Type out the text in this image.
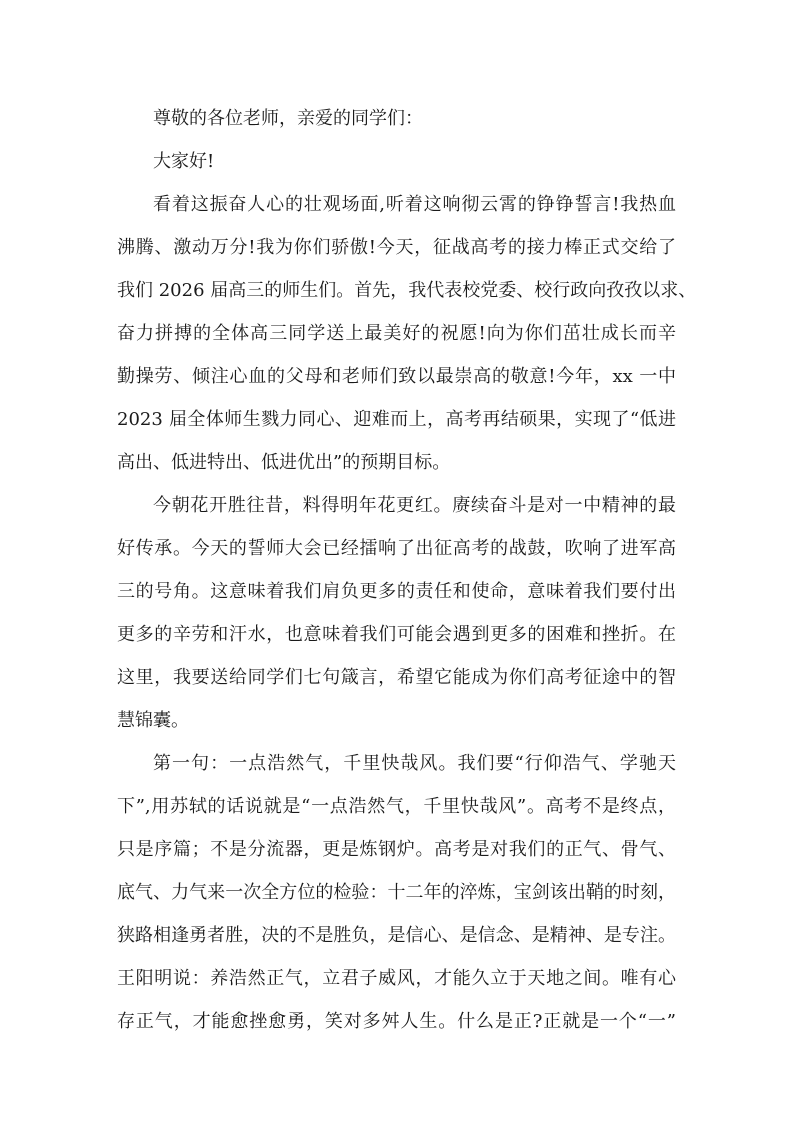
尊敬的各位老师，亲爱的同学们：
大家好!
看着这振奋人心的壮观场面,听着这响彻云霄的铮铮誓言!我热血
沸腾、激动万分!我为你们骄傲!今天，征战高考的接力棒正式交给了
我们 2026 届高三的师生们。首先，我代表校党委、校行政向孜孜以求、
奋力拼搏的全体高三同学送上最美好的祝愿!向为你们茁壮成长而辛
勤操劳、倾注心血的父母和老师们致以最崇高的敬意!今年，xx 一中
2023 届全体师生戮力同心、迎难而上，高考再结硕果，实现了“低进
高出、低进特出、低进优出”的预期目标。
今朝花开胜往昔，料得明年花更红。赓续奋斗是对一中精神的最
好传承。今天的誓师大会已经擂响了出征高考的战鼓，吹响了进军高
三的号角。这意味着我们肩负更多的责任和使命，意味着我们要付出
更多的辛劳和汗水，也意味着我们可能会遇到更多的困难和挫折。在
这里，我要送给同学们七句箴言，希望它能成为你们高考征途中的智
慧锦囊。
第一句：一点浩然气，千里快哉风。我们要“行仰浩气、学驰天
下”,用苏轼的话说就是“一点浩然气，千里快哉风”。高考不是终点，
只是序篇；不是分流器，更是炼钢炉。高考是对我们的正气、骨气、
底气、力气来一次全方位的检验：十二年的淬炼，宝剑该出鞘的时刻，
狭路相逢勇者胜，决的不是胜负，是信心、是信念、是精神、是专注。
王阳明说：养浩然正气，立君子威风，才能久立于天地之间。唯有心
存正气，才能愈挫愈勇，笑对多舛人生。什么是正?正就是一个“一”
